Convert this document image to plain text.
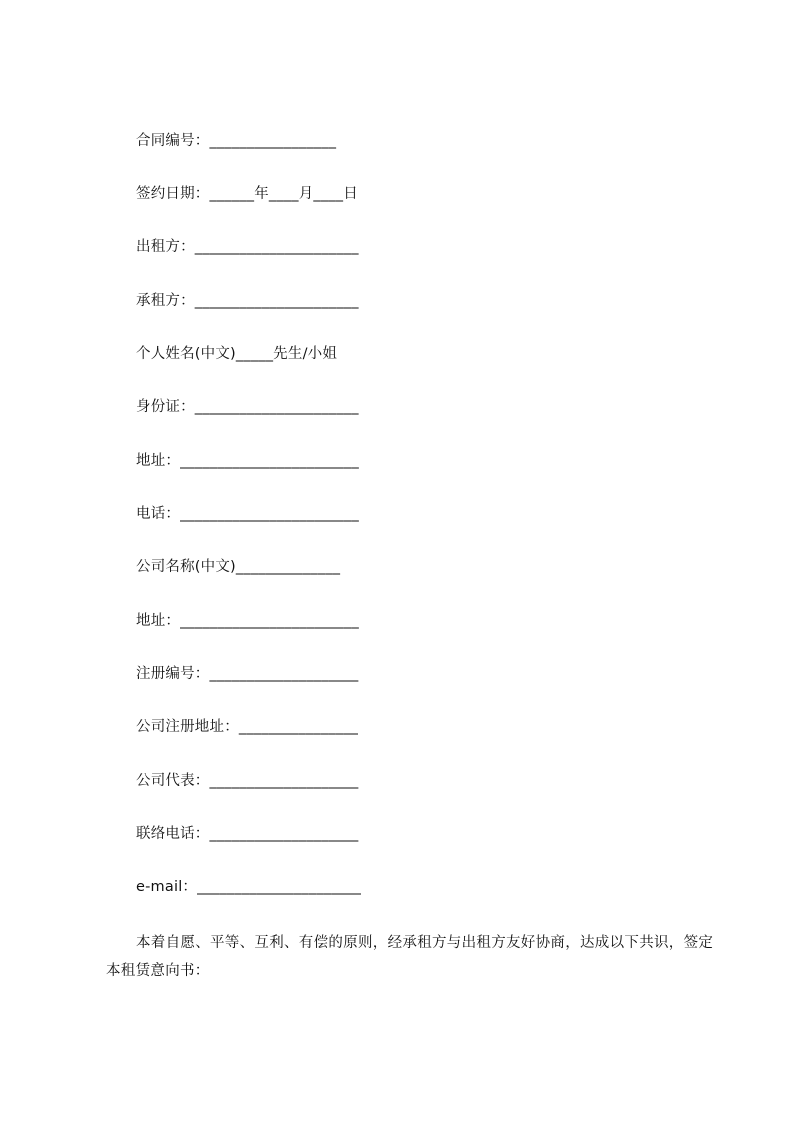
合同编号：_________________
签约日期：______年____月____日
出租方：______________________
承租方：______________________
个人姓名(中文)_____先生/小姐
身份证：______________________
地址：________________________
电话：________________________
公司名称(中文)______________
地址：________________________
注册编号：____________________
公司注册地址：________________
公司代表：____________________
联络电话：____________________
e-mail：______________________
本着自愿、平等、互利、有偿的原则，经承租方与出租方友好协商，达成以下共识，签定本租赁意向书：
